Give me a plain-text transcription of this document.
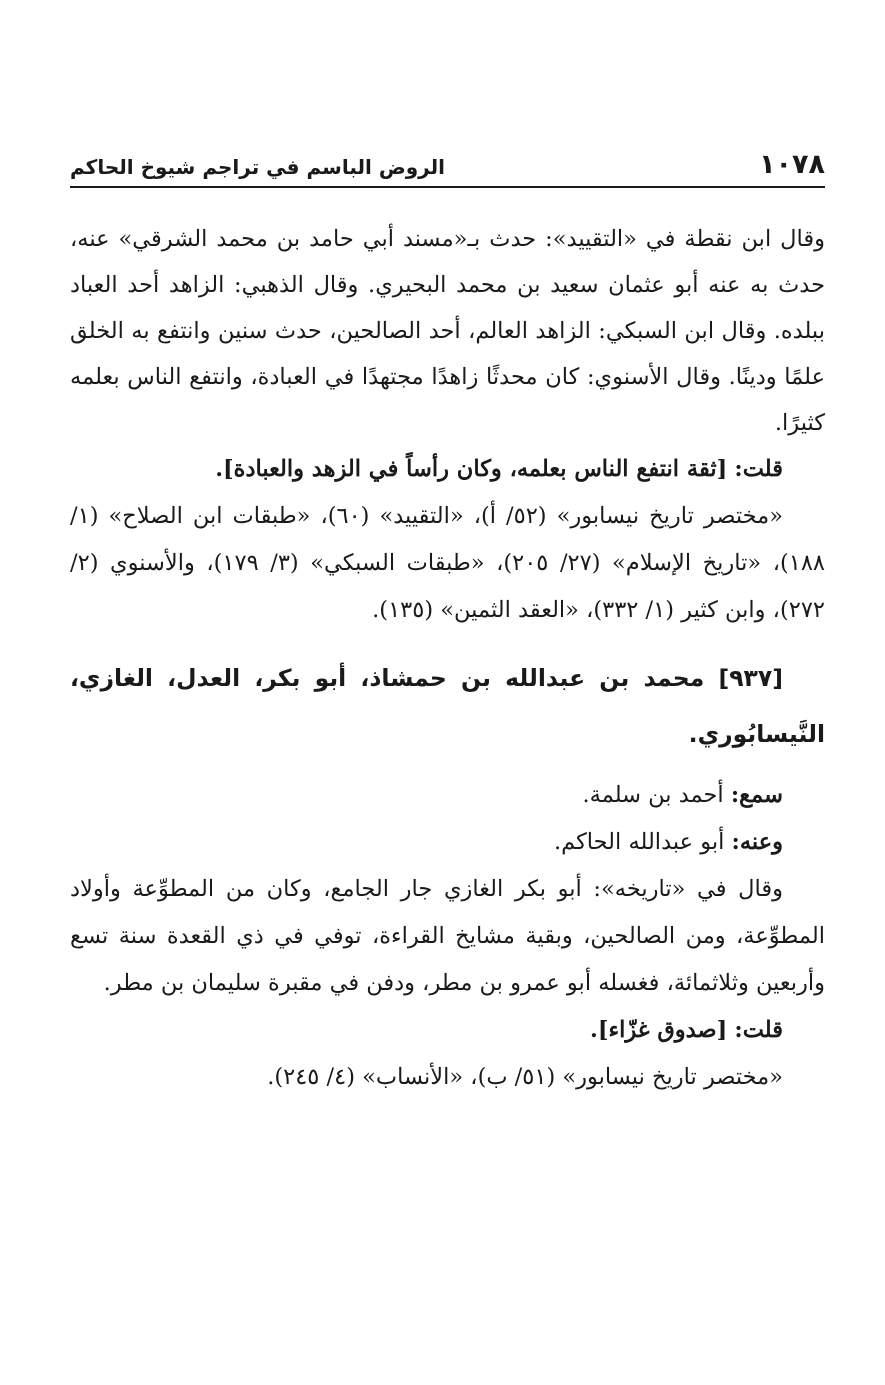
١٠٧٨
الروض الباسم في تراجم شيوخ الحاكم

وقال ابن نقطة في «التقييد»: حدث بـ«مسند أبي حامد بن محمد الشرقي» عنه، حدث به عنه أبو عثمان سعيد بن محمد البحيري. وقال الذهبي: الزاهد أحد العباد ببلده. وقال ابن السبكي: الزاهد العالم، أحد الصالحين، حدث سنين وانتفع به الخلق علمًا ودينًا. وقال الأسنوي: كان محدثًا زاهدًا مجتهدًا في العبادة، وانتفع الناس بعلمه كثيرًا.

قلت: [ثقة انتفع الناس بعلمه، وكان رأساً في الزهد والعبادة].

«مختصر تاريخ نيسابور» (٥٢/ أ)، «التقييد» (٦٠)، «طبقات ابن الصلاح» (١/ ١٨٨)، «تاريخ الإسلام» (٢٧/ ٢٠٥)، «طبقات السبكي» (٣/ ١٧٩)، والأسنوي (٢/ ٢٧٢)، وابن كثير (١/ ٣٣٢)، «العقد الثمين» (١٣٥).

[٩٣٧] محمد بن عبدالله بن حمشاذ، أبو بكر، العدل، الغازي، النَّيسابُوري.

سمع: أحمد بن سلمة.

وعنه: أبو عبدالله الحاكم.

وقال في «تاريخه»: أبو بكر الغازي جار الجامع، وكان من المطوِّعة وأولاد المطوِّعة، ومن الصالحين، وبقية مشايخ القراءة، توفي في ذي القعدة سنة تسع وأربعين وثلاثمائة، فغسله أبو عمرو بن مطر، ودفن في مقبرة سليمان بن مطر.

قلت: [صدوق غزّاء].

«مختصر تاريخ نيسابور» (٥١/ ب)، «الأنساب» (٤/ ٢٤٥).
